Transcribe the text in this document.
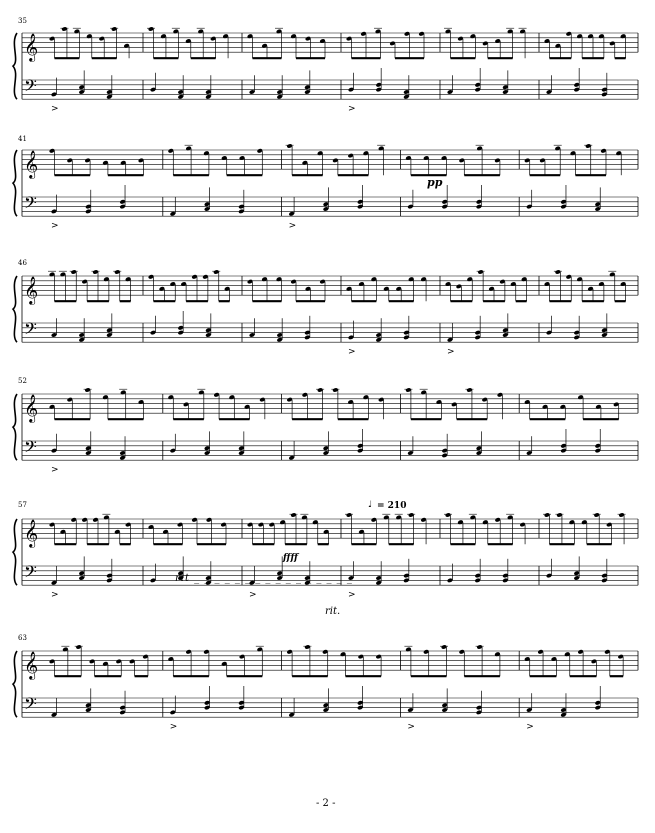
𝄞
𝄢
>	>
𝄞
𝄢
>	>
𝄞
𝄢
>	>
𝄞
𝄢
>
𝄞
𝄢
>	>	>
𝄞
𝄢
>	>	>
35
41
46
52
57
63
pp
rit _ _ _ _ _ _ _ _ _ _ _ _ _ _ _ _
rit.
ffff
♩ = 210
- 2 -
